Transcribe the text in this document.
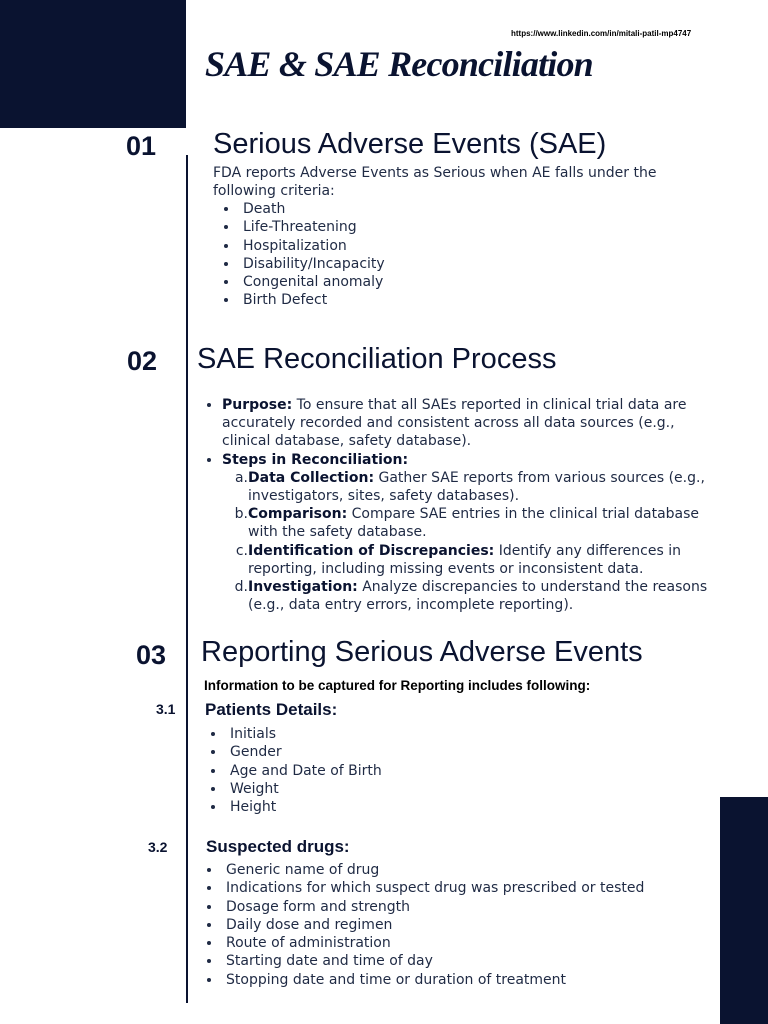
https://www.linkedin.com/in/mitali-patil-mp4747
SAE & SAE Reconciliation
01 Serious Adverse Events (SAE)
FDA reports Adverse Events as Serious when AE falls under the following criteria:
• Death
• Life-Threatening
• Hospitalization
• Disability/Incapacity
• Congenital anomaly
• Birth Defect
02 SAE Reconciliation Process
• Purpose: To ensure that all SAEs reported in clinical trial data are accurately recorded and consistent across all data sources (e.g., clinical database, safety database).
• Steps in Reconciliation:
a. Data Collection: Gather SAE reports from various sources (e.g., investigators, sites, safety databases).
b. Comparison: Compare SAE entries in the clinical trial database with the safety database.
c. Identification of Discrepancies: Identify any differences in reporting, including missing events or inconsistent data.
d. Investigation: Analyze discrepancies to understand the reasons (e.g., data entry errors, incomplete reporting).
03 Reporting Serious Adverse Events
Information to be captured for Reporting includes following:
3.1 Patients Details:
• Initials
• Gender
• Age and Date of Birth
• Weight
• Height
3.2 Suspected drugs:
• Generic name of drug
• Indications for which suspect drug was prescribed or tested
• Dosage form and strength
• Daily dose and regimen
• Route of administration
• Starting date and time of day
• Stopping date and time or duration of treatment
